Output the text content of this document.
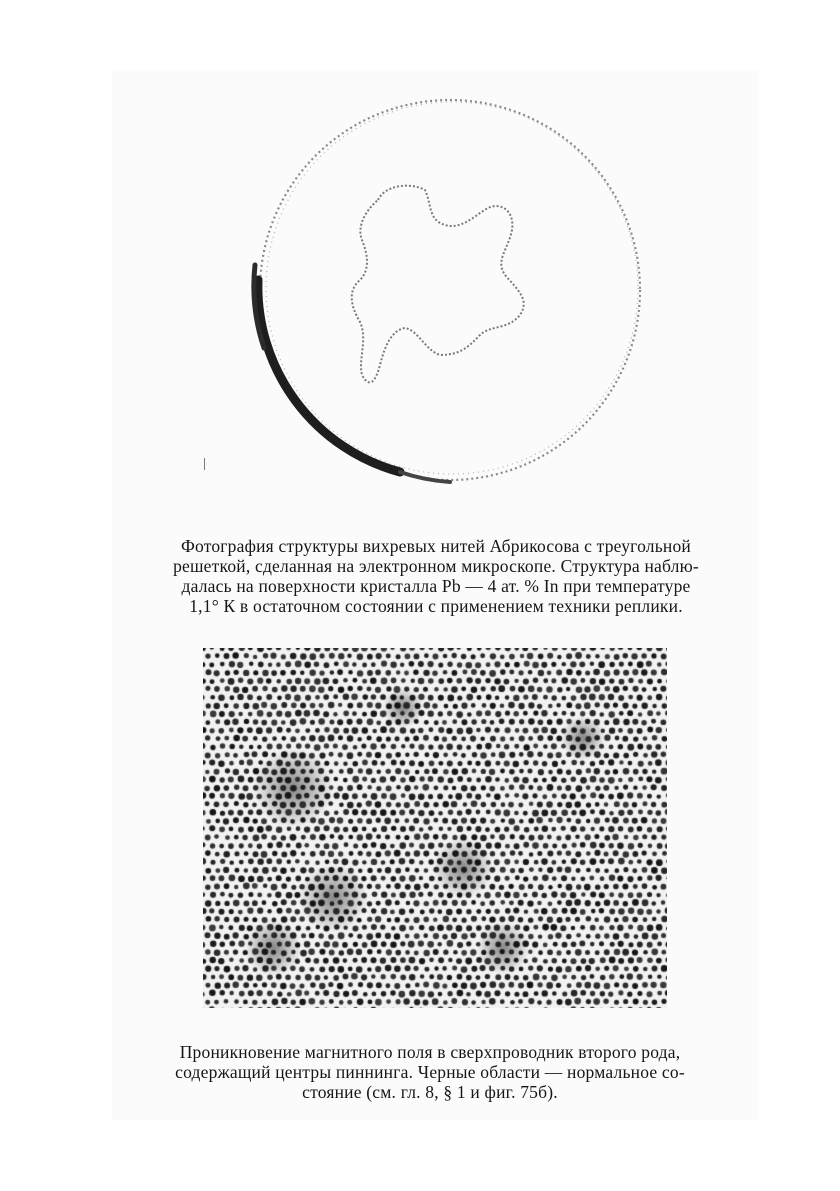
Фотография структуры вихревых нитей Абрикосова с треугольной
решеткой, сделанная на электронном микроскопе. Структура наблю-
далась на поверхности кристалла Pb — 4 ат. % In при температуре
1,1° К в остаточном состоянии с применением техники реплики.
Проникновение магнитного поля в сверхпроводник второго рода,
содержащий центры пиннинга. Черные области — нормальное со-
стояние (см. гл. 8, § 1 и фиг. 75б).
